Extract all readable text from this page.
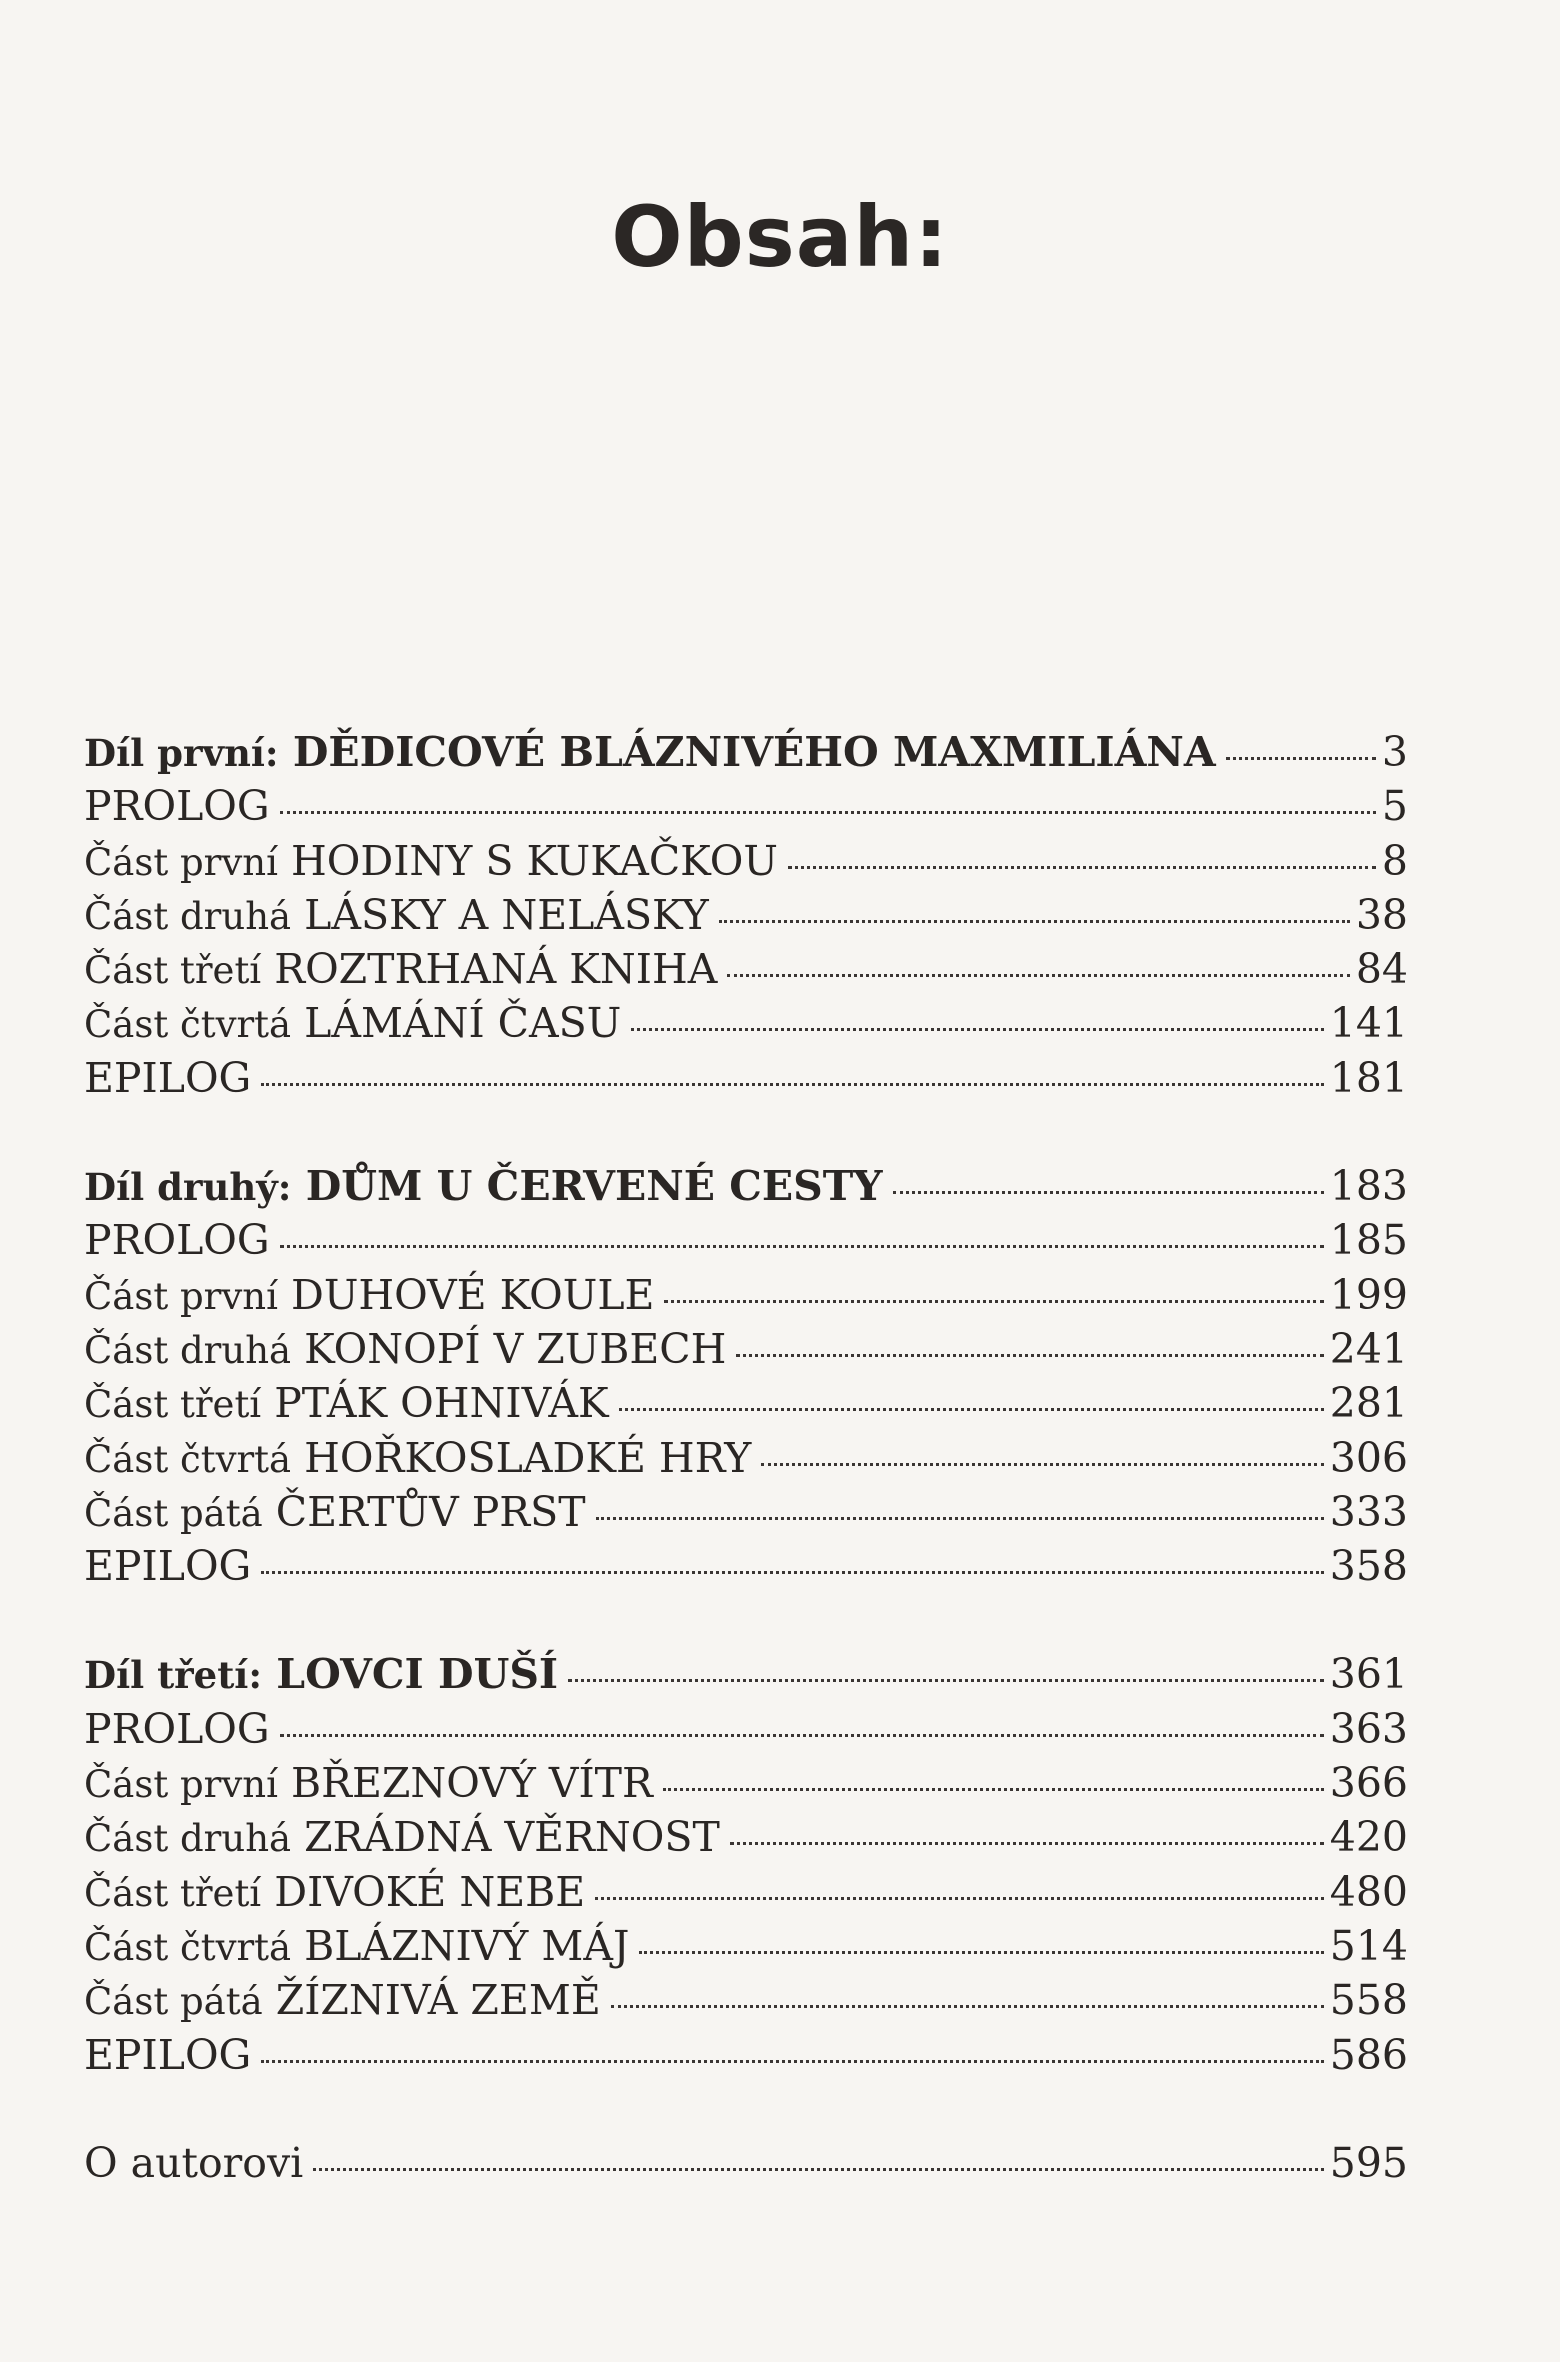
Obsah:
Díl první: DĚDICOVÉ BLÁZNIVÉHO MAXMILIÁNA	3
PROLOG	5
Část první HODINY S KUKAČKOU	8
Část druhá LÁSKY A NELÁSKY	38
Část třetí ROZTRHANÁ KNIHA	84
Část čtvrtá LÁMÁNÍ ČASU	141
EPILOG	181
Díl druhý: DŮM U ČERVENÉ CESTY	183
PROLOG	185
Část první DUHOVÉ KOULE	199
Část druhá KONOPÍ V ZUBECH	241
Část třetí PTÁK OHNIVÁK	281
Část čtvrtá HOŘKOSLADKÉ HRY	306
Část pátá ČERTŮV PRST	333
EPILOG	358
Díl třetí: LOVCI DUŠÍ	361
PROLOG	363
Část první BŘEZNOVÝ VÍTR	366
Část druhá ZRÁDNÁ VĚRNOST	420
Část třetí DIVOKÉ NEBE	480
Část čtvrtá BLÁZNIVÝ MÁJ	514
Část pátá ŽÍZNIVÁ ZEMĚ	558
EPILOG	586
O autorovi	595
